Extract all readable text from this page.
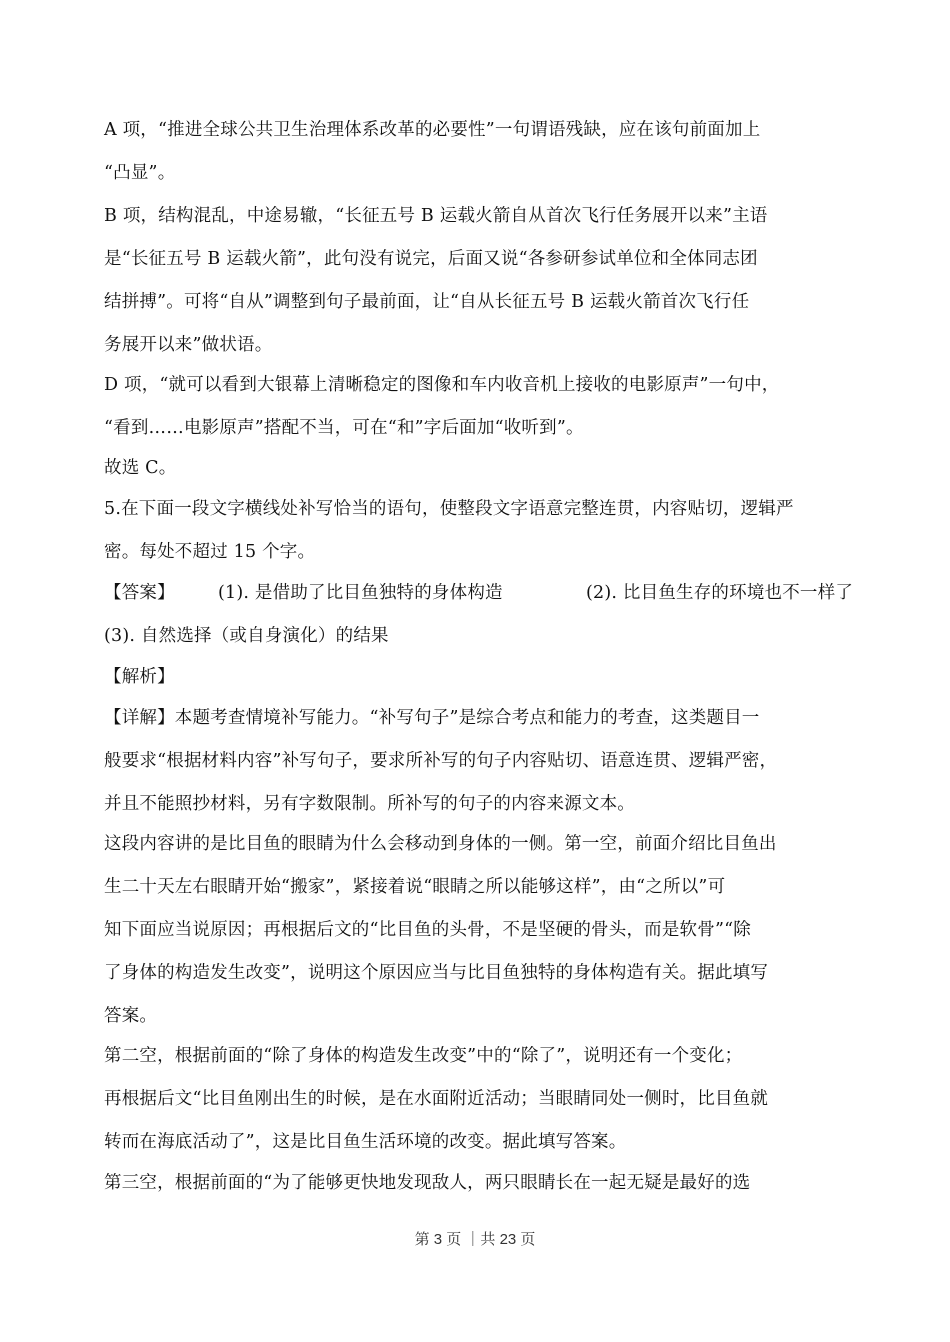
A 项，“推进全球公共卫生治理体系改革的必要性”一句谓语残缺，应在该句前面加上
“凸显”。
B 项，结构混乱，中途易辙，“长征五号 B 运载火箭自从首次飞行任务展开以来”主语
是“长征五号 B 运载火箭”，此句没有说完，后面又说“各参研参试单位和全体同志团
结拼搏”。可将“自从”调整到句子最前面，让“自从长征五号 B 运载火箭首次飞行任
务展开以来”做状语。
D 项，“就可以看到大银幕上清晰稳定的图像和车内收音机上接收的电影原声”一句中，
“看到……电影原声”搭配不当，可在“和”字后面加“收听到”。
故选 C。
5.在下面一段文字横线处补写恰当的语句，使整段文字语意完整连贯，内容贴切，逻辑严
密。每处不超过 15 个字。
【答案】 (1). 是借助了比目鱼独特的身体构造	(2). 比目鱼生存的环境也不一样了
(3). 自然选择（或自身演化）的结果
【解析】
【详解】本题考查情境补写能力。“补写句子”是综合考点和能力的考查，这类题目一
般要求“根据材料内容”补写句子，要求所补写的句子内容贴切、语意连贯、逻辑严密，
并且不能照抄材料，另有字数限制。所补写的句子的内容来源文本。
这段内容讲的是比目鱼的眼睛为什么会移动到身体的一侧。第一空，前面介绍比目鱼出
生二十天左右眼睛开始“搬家”，紧接着说“眼睛之所以能够这样”，由“之所以”可
知下面应当说原因；再根据后文的“比目鱼的头骨，不是坚硬的骨头，而是软骨”“除
了身体的构造发生改变”，说明这个原因应当与比目鱼独特的身体构造有关。据此填写
答案。
第二空，根据前面的“除了身体的构造发生改变”中的“除了”，说明还有一个变化；
再根据后文“比目鱼刚出生的时候，是在水面附近活动；当眼睛同处一侧时，比目鱼就
转而在海底活动了”，这是比目鱼生活环境的改变。据此填写答案。
第三空，根据前面的“为了能够更快地发现敌人，两只眼睛长在一起无疑是最好的选
第 3 页 ｜共 23 页
